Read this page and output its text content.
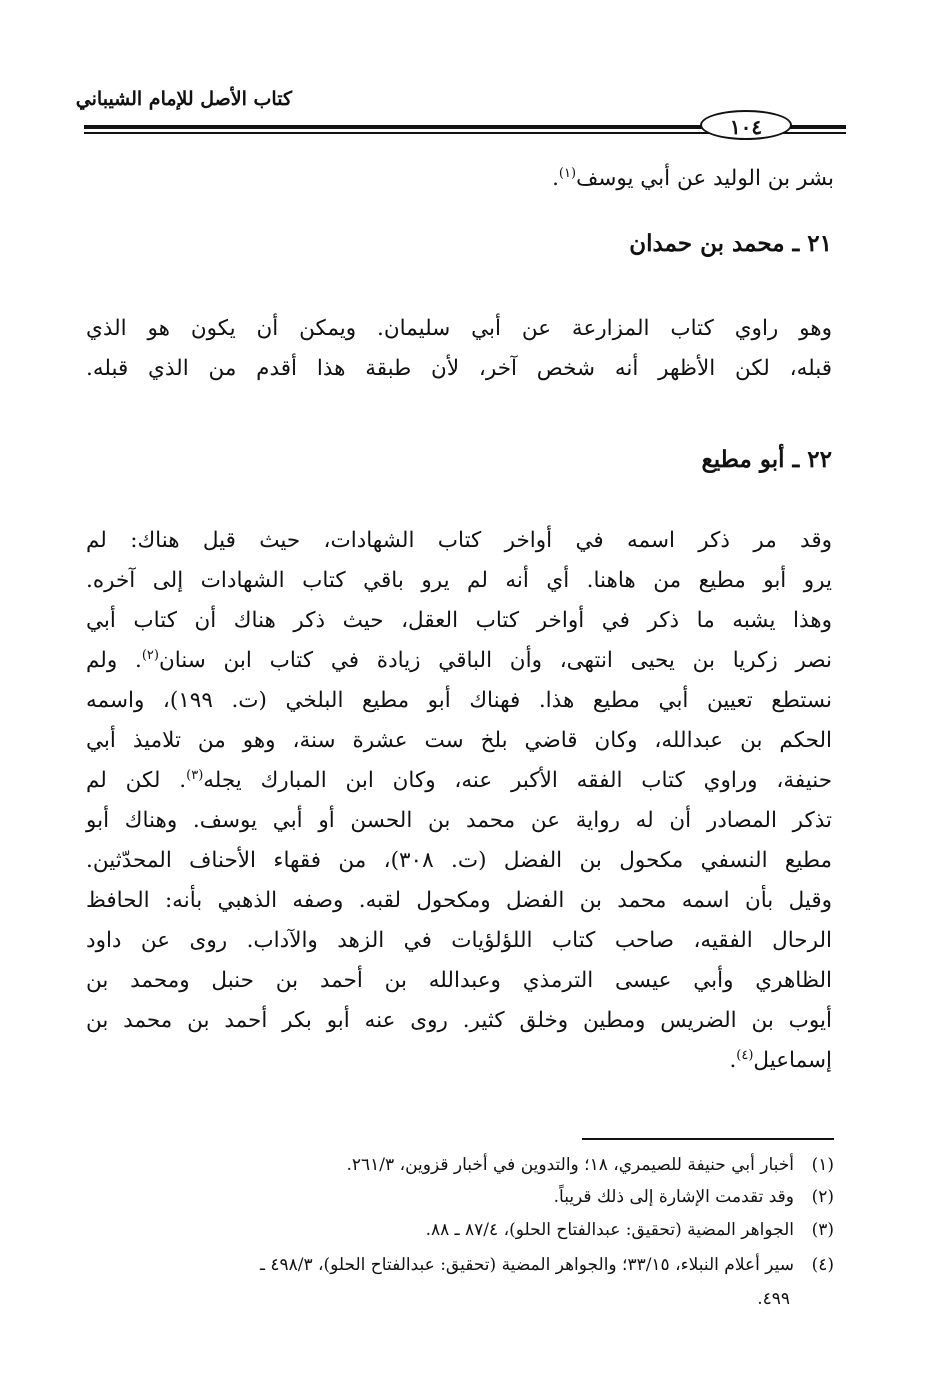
كتاب الأصل للإمام الشيباني
١٠٤
بشر بن الوليد عن أبي يوسف$^{(١)}$.
٢١ ـ محمد بن حمدان
وهو راوي كتاب المزارعة عن أبي سليمان. ويمكن أن يكون هو الذي
قبله، لكن الأظهر أنه شخص آخر، لأن طبقة هذا أقدم من الذي قبله.
٢٢ ـ أبو مطيع
وقد مر ذكر اسمه في أواخر كتاب الشهادات، حيث قيل هناك: لم
يرو أبو مطيع من هاهنا. أي أنه لم يرو باقي كتاب الشهادات إلى آخره.
وهذا يشبه ما ذكر في أواخر كتاب العقل، حيث ذكر هناك أن كتاب أبي
نصر زكريا بن يحيى انتهى، وأن الباقي زيادة في كتاب ابن سنان$^{(٢)}$. ولم
نستطع تعيين أبي مطيع هذا. فهناك أبو مطيع البلخي (ت. ١٩٩)، واسمه
الحكم بن عبدالله، وكان قاضي بلخ ست عشرة سنة، وهو من تلاميذ أبي
حنيفة، وراوي كتاب الفقه الأكبر عنه، وكان ابن المبارك يجله$^{(٣)}$. لكن لم
تذكر المصادر أن له رواية عن محمد بن الحسن أو أبي يوسف. وهناك أبو
مطيع النسفي مكحول بن الفضل (ت. ٣٠٨)، من فقهاء الأحناف المحدّثين.
وقيل بأن اسمه محمد بن الفضل ومكحول لقبه. وصفه الذهبي بأنه: الحافظ
الرحال الفقيه، صاحب كتاب اللؤلؤيات في الزهد والآداب. روى عن داود
الظاهري وأبي عيسى الترمذي وعبدالله بن أحمد بن حنبل ومحمد بن
أيوب بن الضريس ومطين وخلق كثير. روى عنه أبو بكر أحمد بن محمد بن
إسماعيل$^{(٤)}$.
(١)أخبار أبي حنيفة للصيمري، ١٨؛ والتدوين في أخبار قزوين، ٢٦١/٣.
(٢)وقد تقدمت الإشارة إلى ذلك قريباً.
(٣)الجواهر المضية (تحقيق: عبدالفتاح الحلو)، ٨٧/٤ ـ ٨٨.
(٤)سير أعلام النبلاء، ٣٣/١٥؛ والجواهر المضية (تحقيق: عبدالفتاح الحلو)، ٤٩٨/٣ ـ
٤٩٩.
